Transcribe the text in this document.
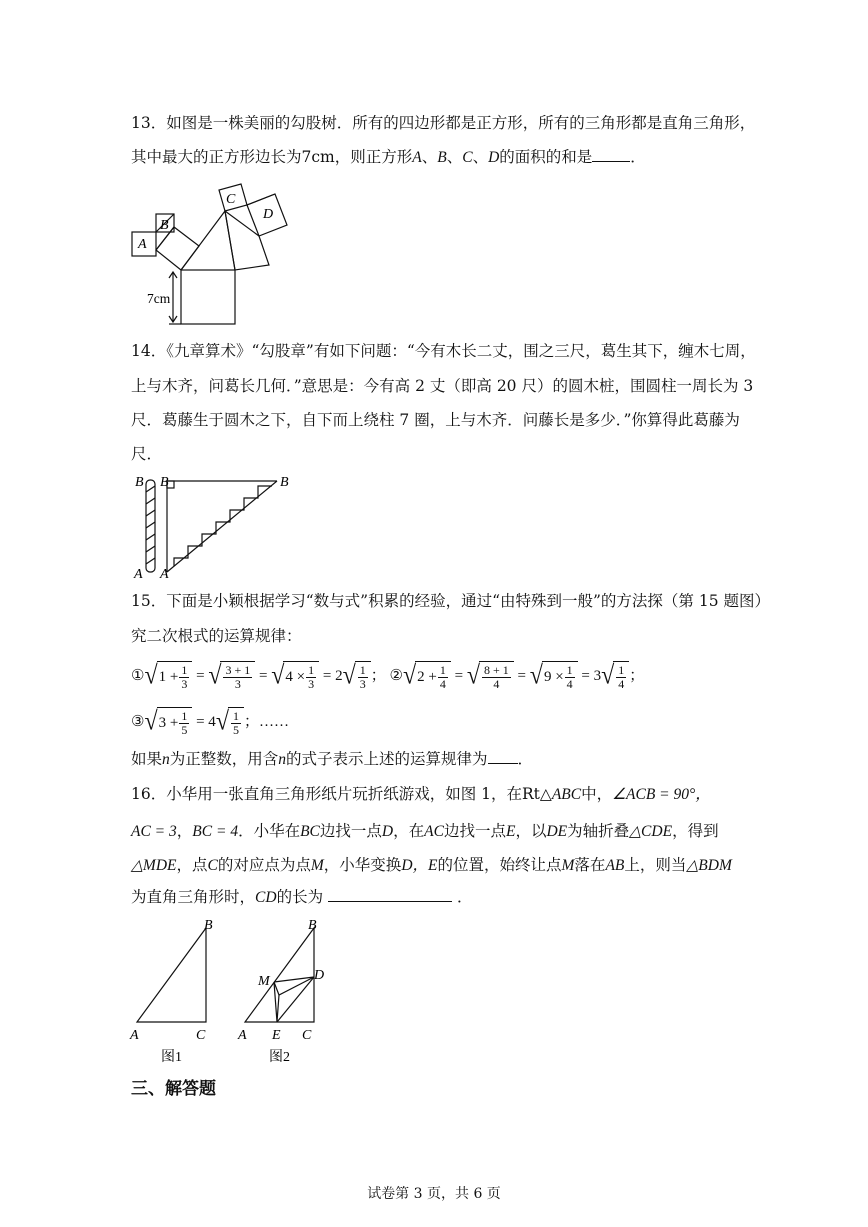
13．如图是一株美丽的勾股树．所有的四边形都是正方形，所有的三角形都是直角三角形，
其中最大的正方形边长为7cm，则正方形A、B、C、D的面积的和是 ．
A
B
C
D
7cm
14．《九章算术》“勾股章”有如下问题：“今有木长二丈，围之三尺，葛生其下，缠木七周，
上与木齐，问葛长几何．”意思是：今有高 2 丈（即高 20 尺）的圆木桩，围圆柱一周长为 3
尺．葛藤生于圆木之下，自下而上绕柱 7 圈，上与木齐．问藤长是多少．”你算得此葛藤为
尺．
B B	B
A A
15．下面是小颖根据学习“数与式”积累的经验，通过“由特殊到一般”的方法探（第 15 题图）
究二次根式的运算规律：
① √ $1 + \frac{1}{3}$ = √ $\frac{3 + 1}{3}$ = √ $4 \times \frac{1}{3} = 2$ √ $\frac{1}{3}$ ；
② √ $2 + \frac{1}{4}$ = √ $\frac{8 + 1}{4}$ = √ $9 \times \frac{1}{4} = 3$ √ $\frac{1}{4}$ ；
③ √ $3 + \frac{1}{5} = 4$ √ $\frac{1}{5}$ ；……
如果n为正整数，用含n的式子表示上述的运算规律为 ．
16．小华用一张直角三角形纸片玩折纸游戏，如图 1，在Rt△ABC中，∠ACB = 90°，
AC = 3，BC = 4．小华在BC边找一点D，在AC边找一点E，以DE为轴折叠△CDE，得到
△MDE，点C的对应点为点M，小华变换D，E的位置，始终让点M落在AB上，则当△BDM
为直角三角形时，CD的长为	．
B
A	C
图1
B
M	D
A E C
图2
三、解答题
试卷第 3 页，共 6 页
